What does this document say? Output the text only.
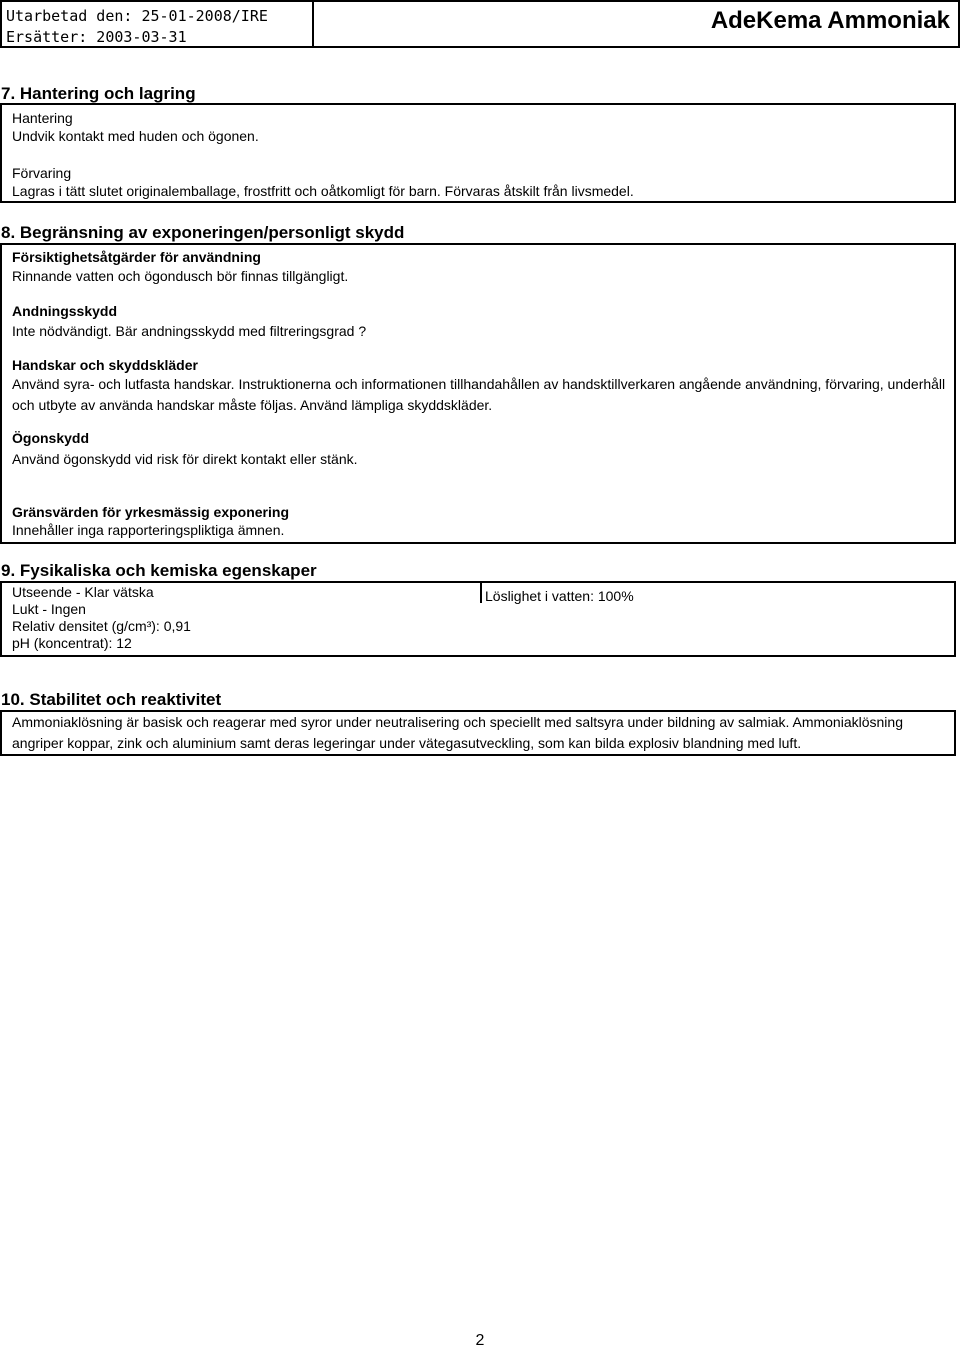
Utarbetad den: 25-01-2008/IRE
Ersätter: 2003-03-31
AdeKema Ammoniak
7. Hantering och lagring
Hantering
Undvik kontakt med huden och ögonen.
Förvaring
Lagras i tätt slutet originalemballage, frostfritt och oåtkomligt för barn. Förvaras åtskilt från livsmedel.
8. Begränsning av exponeringen/personligt skydd
Försiktighetsåtgärder för användning
Rinnande vatten och ögondusch bör finnas tillgängligt.
Andningsskydd
Inte nödvändigt. Bär andningsskydd med filtreringsgrad ?
Handskar och skyddskläder
Använd syra- och lutfasta handskar. Instruktionerna och informationen tillhandahållen av handsktillverkaren angående användning, förvaring, underhåll och utbyte av använda handskar måste följas. Använd lämpliga skyddskläder.
Ögonskydd
Använd ögonskydd vid risk för direkt kontakt eller stänk.
Gränsvärden för yrkesmässig exponering
Innehåller inga rapporteringspliktiga ämnen.
9. Fysikaliska och kemiska egenskaper
Utseende - Klar vätska
Lukt - Ingen
Relativ densitet (g/cm³): 0,91
pH (koncentrat): 12
Löslighet i vatten: 100%
10. Stabilitet och reaktivitet
Ammoniaklösning är basisk och reagerar med syror under neutralisering och speciellt med saltsyra under bildning av salmiak. Ammoniaklösning angriper koppar, zink och aluminium samt deras legeringar under vätegasutveckling, som kan bilda explosiv blandning med luft.
2
